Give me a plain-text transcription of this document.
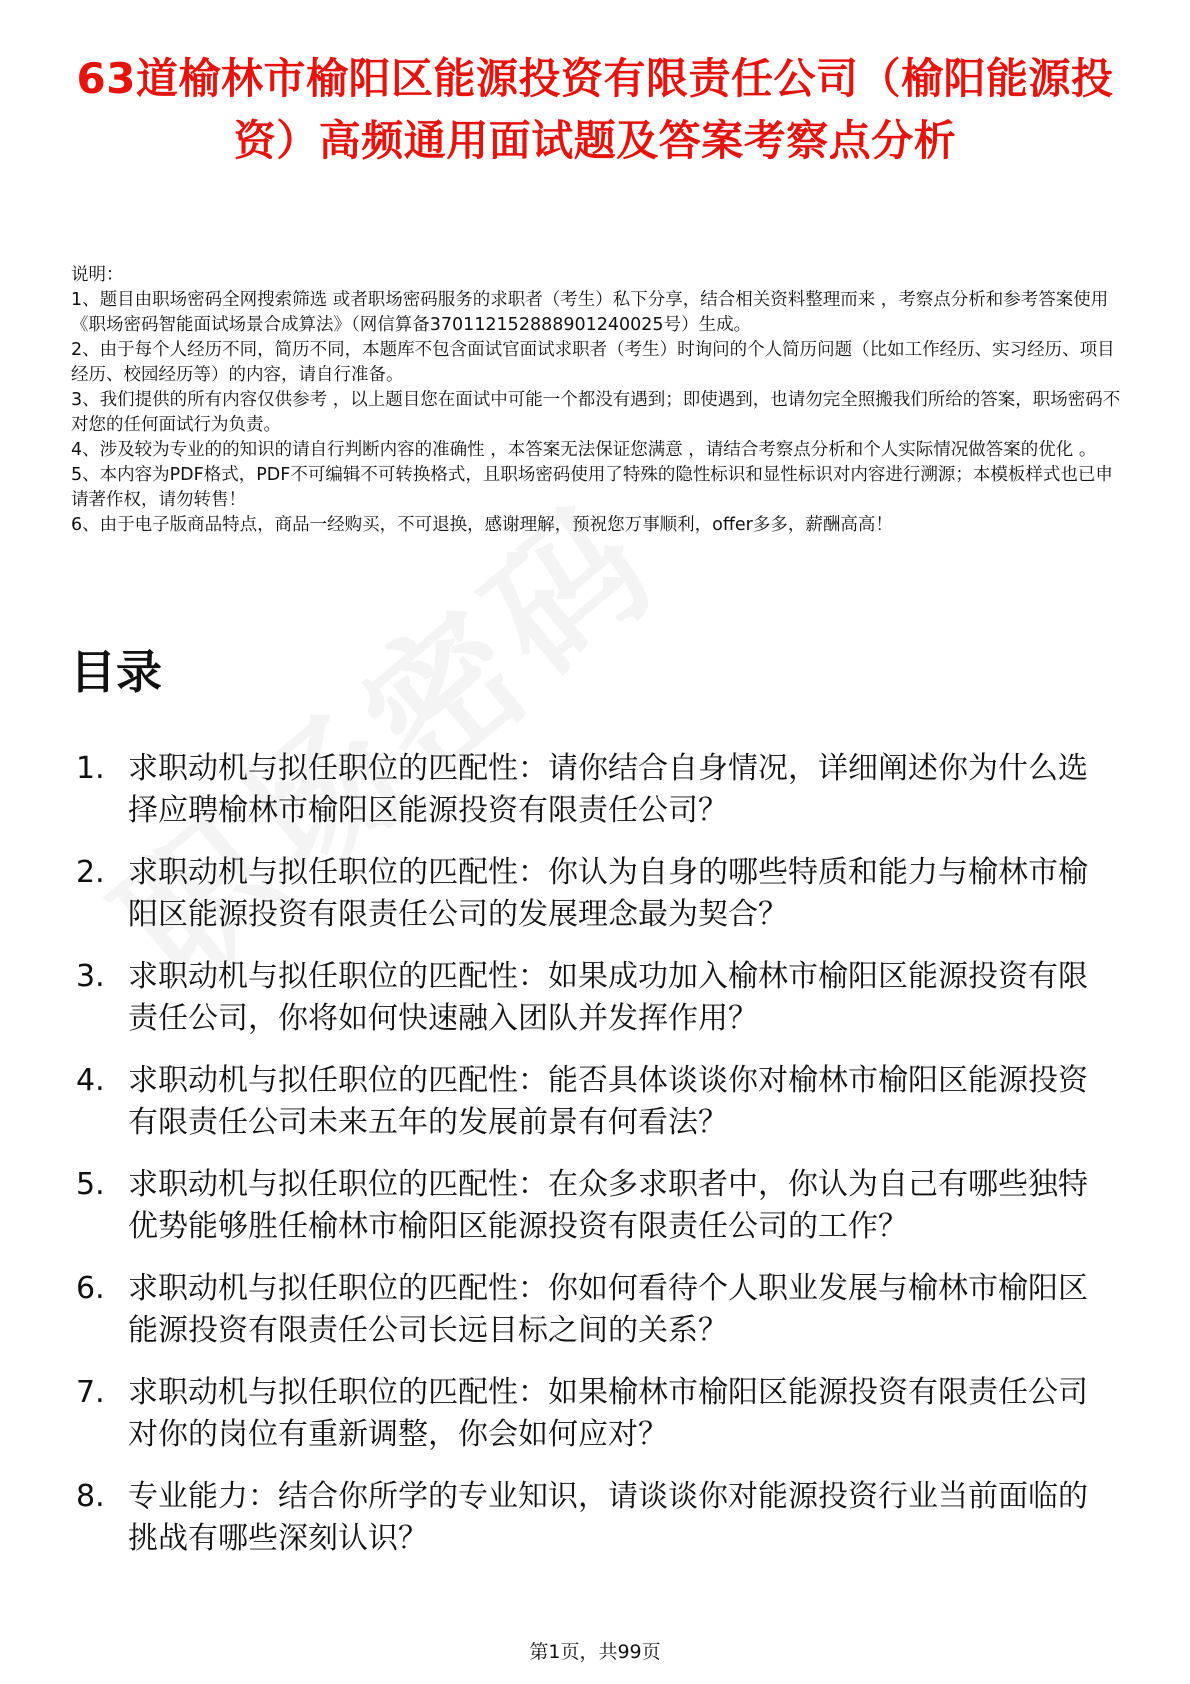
63道榆林市榆阳区能源投资有限责任公司（榆阳能源投资）高频通用面试题及答案考察点分析

说明：

1、题目由职场密码全网搜索筛选 或者职场密码服务的求职者（考生）私下分享，结合相关资料整理而来 ，考察点分析和参考答案使用《职场密码智能面试场景合成算法》（网信算备370112152888901240025号）生成。

2、由于每个人经历不同，简历不同，本题库不包含面试官面试求职者（考生）时询问的个人简历问题（比如工作经历、实习经历、项目经历、校园经历等）的内容，请自行准备。

3、我们提供的所有内容仅供参考 ，以上题目您在面试中可能一个都没有遇到；即使遇到，也请勿完全照搬我们所给的答案，职场密码不对您的任何面试行为负责。

4、涉及较为专业的的知识的请自行判断内容的准确性 ，本答案无法保证您满意 ，请结合考察点分析和个人实际情况做答案的优化 。

5、本内容为PDF格式，PDF不可编辑不可转换格式，且职场密码使用了特殊的隐性标识和显性标识对内容进行溯源；本模板样式也已申请著作权，请勿转售！

6、由于电子版商品特点，商品一经购买，不可退换，感谢理解，预祝您万事顺利，offer多多，薪酬高高！

目录
1. 求职动机与拟任职位的匹配性：请你结合自身情况，详细阐述你为什么选择应聘榆林市榆阳区能源投资有限责任公司？
2. 求职动机与拟任职位的匹配性：你认为自身的哪些特质和能力与榆林市榆阳区能源投资有限责任公司的发展理念最为契合？
3. 求职动机与拟任职位的匹配性：如果成功加入榆林市榆阳区能源投资有限责任公司，你将如何快速融入团队并发挥作用？
4. 求职动机与拟任职位的匹配性：能否具体谈谈你对榆林市榆阳区能源投资有限责任公司未来五年的发展前景有何看法？
5. 求职动机与拟任职位的匹配性：在众多求职者中，你认为自己有哪些独特优势能够胜任榆林市榆阳区能源投资有限责任公司的工作？
6. 求职动机与拟任职位的匹配性：你如何看待个人职业发展与榆林市榆阳区能源投资有限责任公司长远目标之间的关系？
7. 求职动机与拟任职位的匹配性：如果榆林市榆阳区能源投资有限责任公司对你的岗位有重新调整，你会如何应对？
8. 专业能力：结合你所学的专业知识，请谈谈你对能源投资行业当前面临的挑战有哪些深刻认识？
第1页，共99页
